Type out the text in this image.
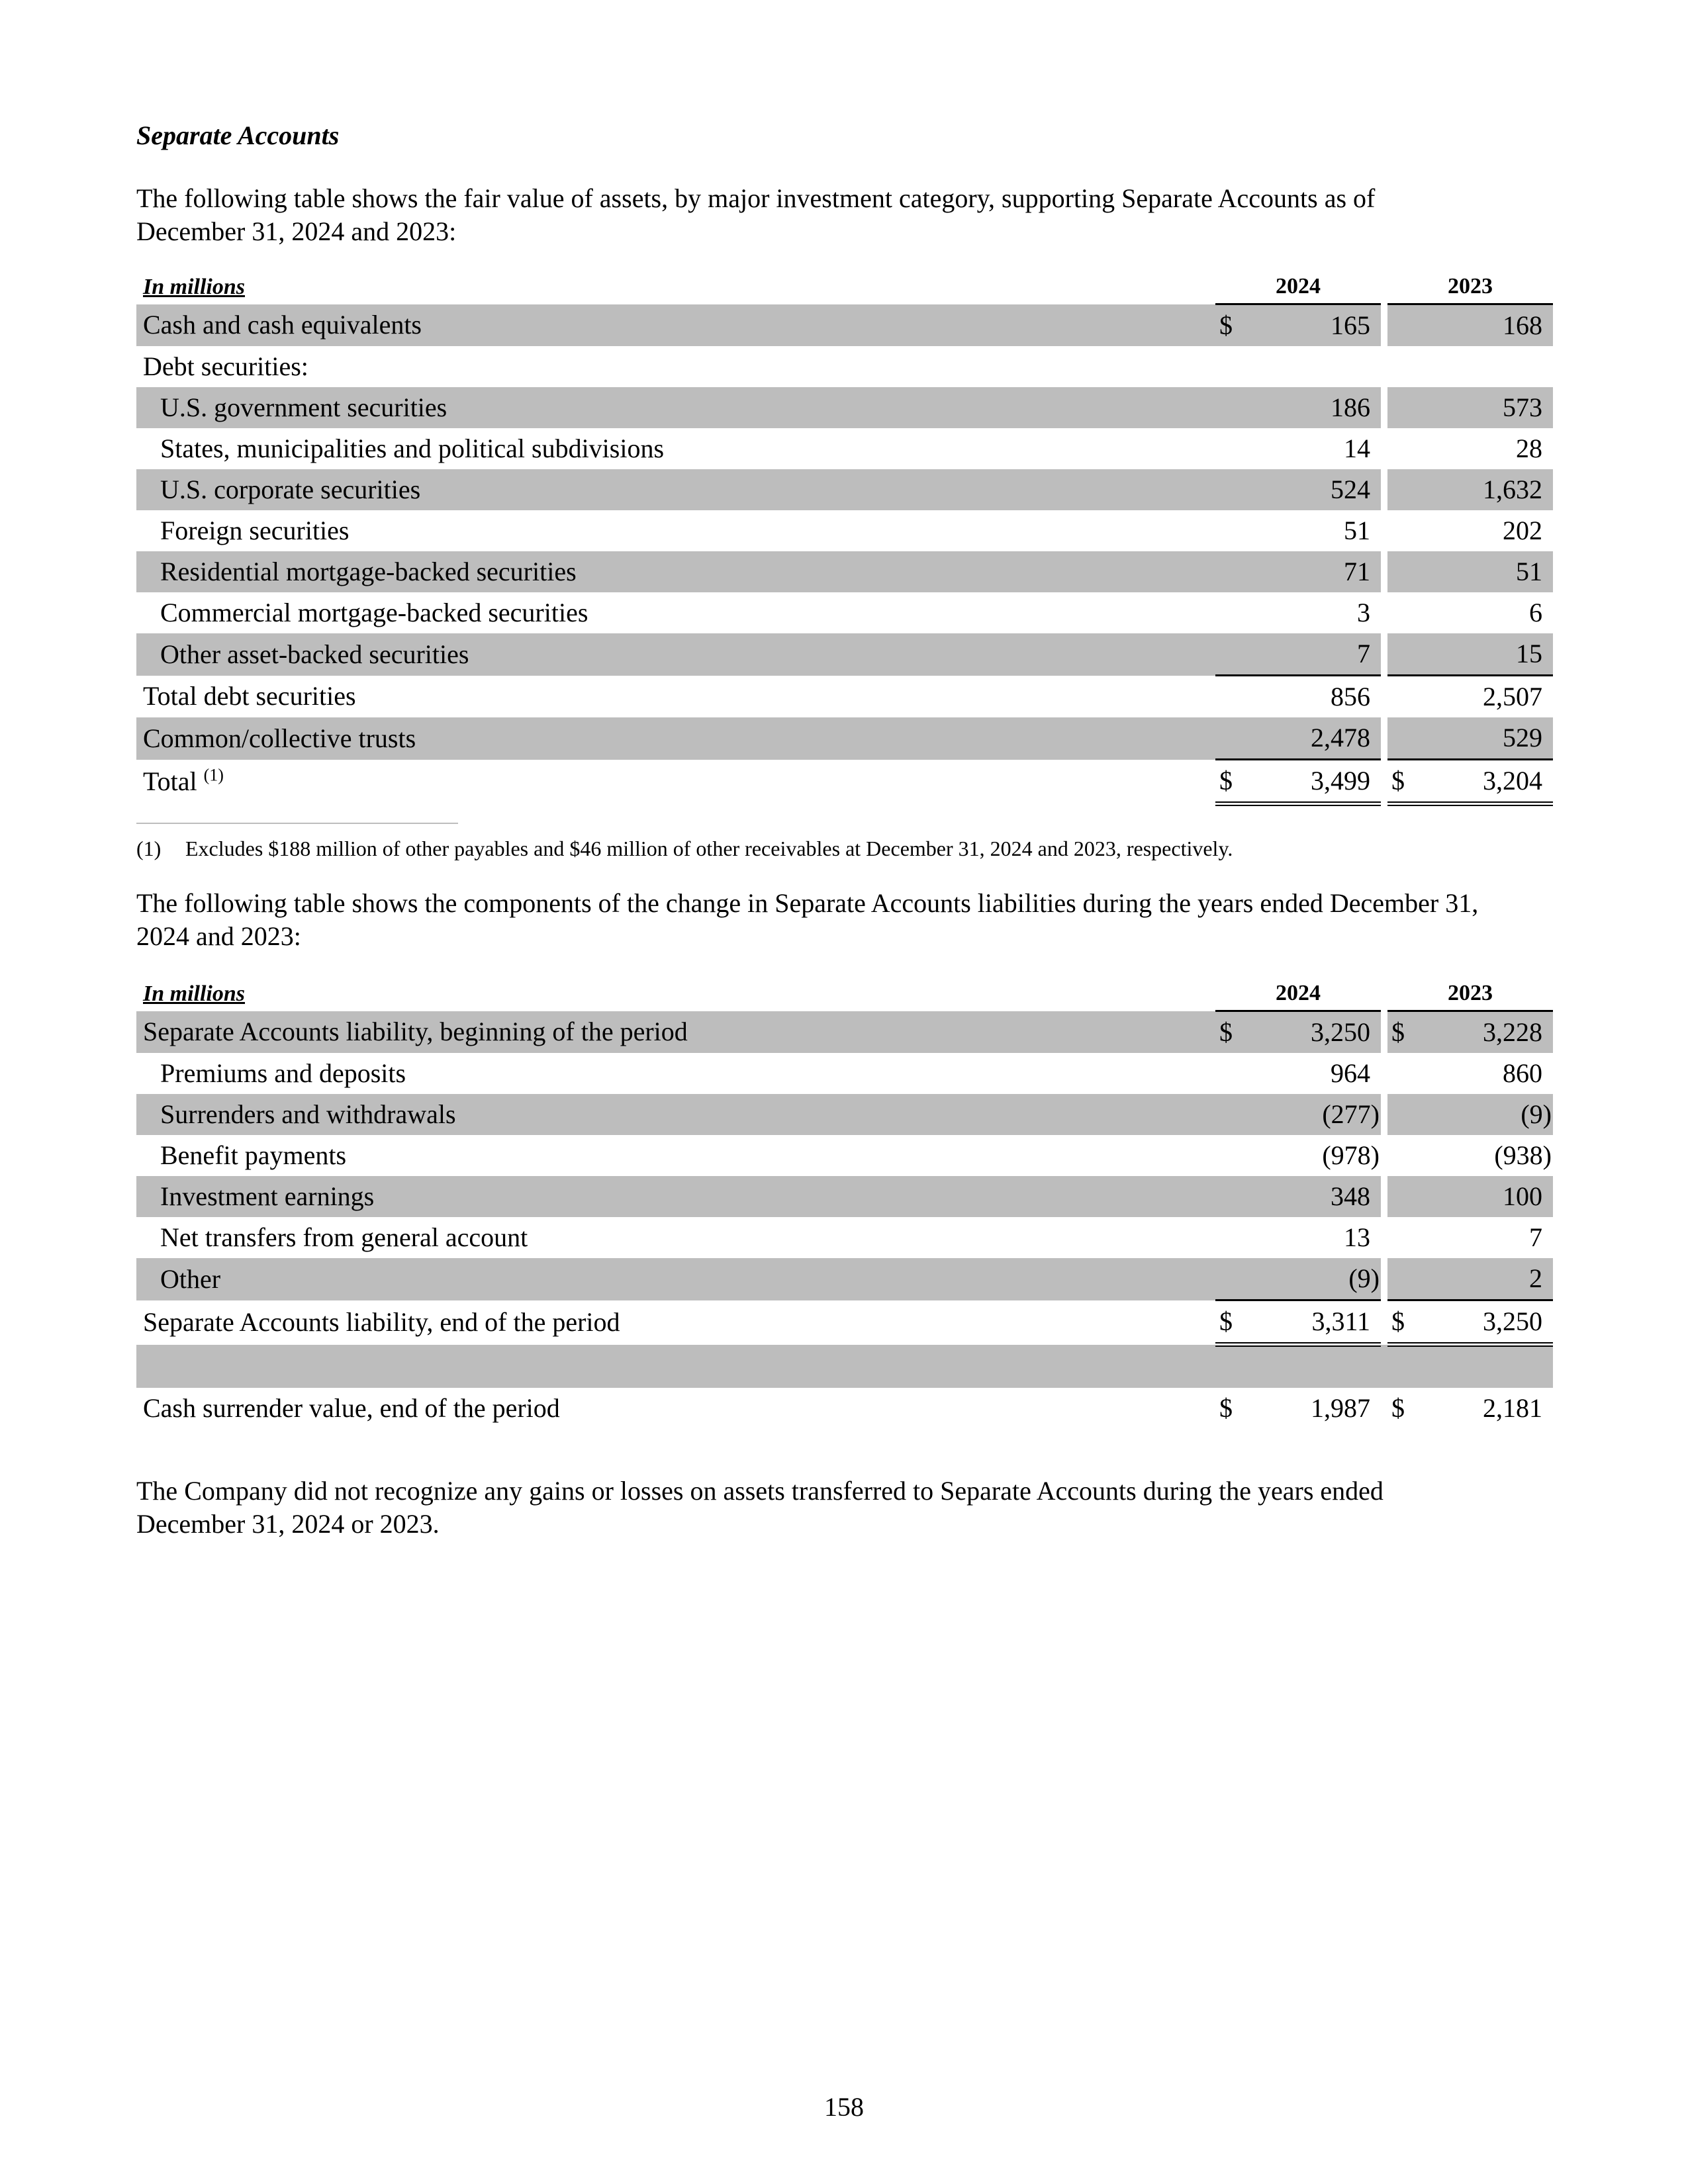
Separate Accounts
The following table shows the fair value of assets, by major investment category, supporting Separate Accounts as of
December 31, 2024 and 2023:
In millions	2024			2023	
Cash and cash equivalents	$	165			168
Debt securities:					
U.S. government securities		186			573
States, municipalities and political subdivisions		14			28
U.S. corporate securities		524			1,632
Foreign securities		51			202
Residential mortgage-backed securities		71			51
Commercial mortgage-backed securities		3			6
Other asset-backed securities		7			15
Total debt securities		856			2,507
Common/collective trusts		2,478			529
Total $^{(1)}$	$	3,499		$	3,204
(1) Excludes $188 million of other payables and $46 million of other receivables at December 31, 2024 and 2023, respectively.
The following table shows the components of the change in Separate Accounts liabilities during the years ended December 31,
2024 and 2023:
In millions	2024			2023	
Separate Accounts liability, beginning of the period	$	3,250		$	3,228
Premiums and deposits		964			860
Surrenders and withdrawals		(277)			(9)
Benefit payments		(978)			(938)
Investment earnings		348			100
Net transfers from general account		13			7
Other		(9)			2
Separate Accounts liability, end of the period	$	3,311		$	3,250

Cash surrender value, end of the period	$	1,987		$	2,181
The Company did not recognize any gains or losses on assets transferred to Separate Accounts during the years ended
December 31, 2024 or 2023.
158
